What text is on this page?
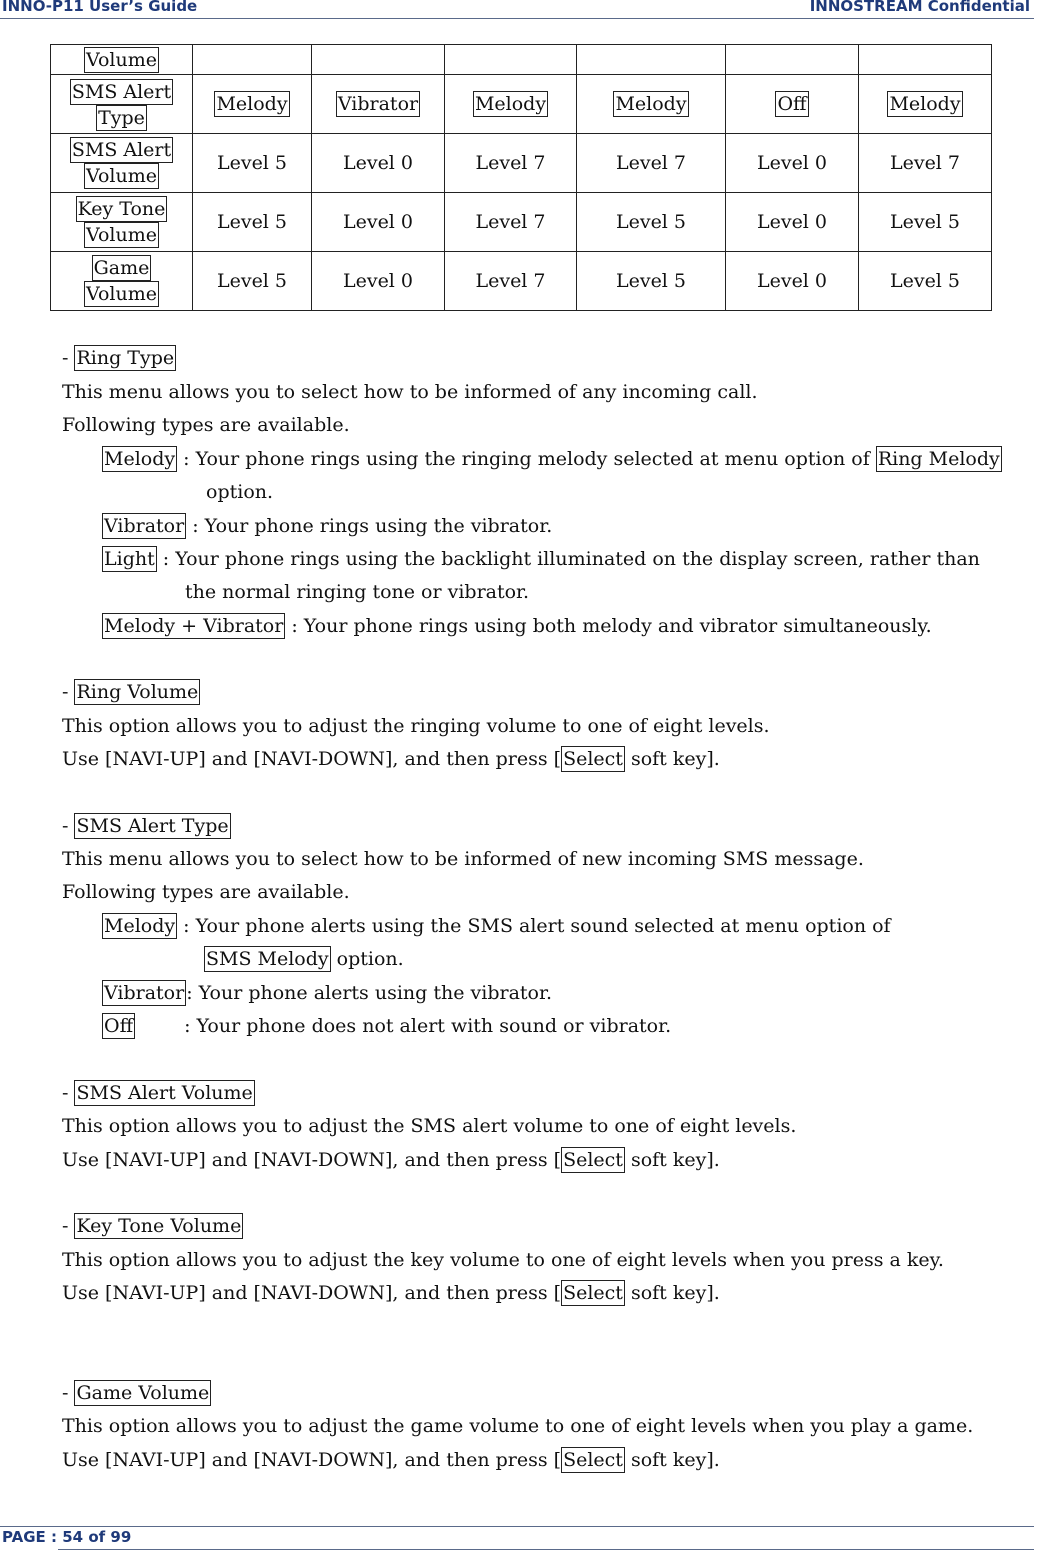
INNO-P11 User’s Guide	INNOSTREAM Confidential
Volume						

SMS Alert
Type	Melody	Vibrator	Melody	Melody	Off	Melody

SMS Alert
Volume	Level 5	Level 0	Level 7	Level 7	Level 0	Level 7

Key Tone
Volume	Level 5	Level 0	Level 7	Level 5	Level 0	Level 5

Game
Volume	Level 5	Level 0	Level 7	Level 5	Level 0	Level 5
- Ring Type
This menu allows you to select how to be informed of any incoming call.
Following types are available.
Melody : Your phone rings using the ringing melody selected at menu option of Ring Melody
option.
Vibrator : Your phone rings using the vibrator.
Light : Your phone rings using the backlight illuminated on the display screen, rather than
the normal ringing tone or vibrator.
Melody + Vibrator : Your phone rings using both melody and vibrator simultaneously.
- Ring Volume
This option allows you to adjust the ringing volume to one of eight levels.
Use [NAVI-UP] and [NAVI-DOWN], and then press [ Select soft key].
- SMS Alert Type
This menu allows you to select how to be informed of new incoming SMS message.
Following types are available.
Melody : Your phone alerts using the SMS alert sound selected at menu option of
SMS Melody option.
Vibrator : Your phone alerts using the vibrator.
Off	: Your phone does not alert with sound or vibrator.
- SMS Alert Volume
This option allows you to adjust the SMS alert volume to one of eight levels.
Use [NAVI-UP] and [NAVI-DOWN], and then press [ Select soft key].
- Key Tone Volume
This option allows you to adjust the key volume to one of eight levels when you press a key.
Use [NAVI-UP] and [NAVI-DOWN], and then press [ Select soft key].
- Game Volume
This option allows you to adjust the game volume to one of eight levels when you play a game.
Use [NAVI-UP] and [NAVI-DOWN], and then press [ Select soft key].
PAGE : 54 of 99
